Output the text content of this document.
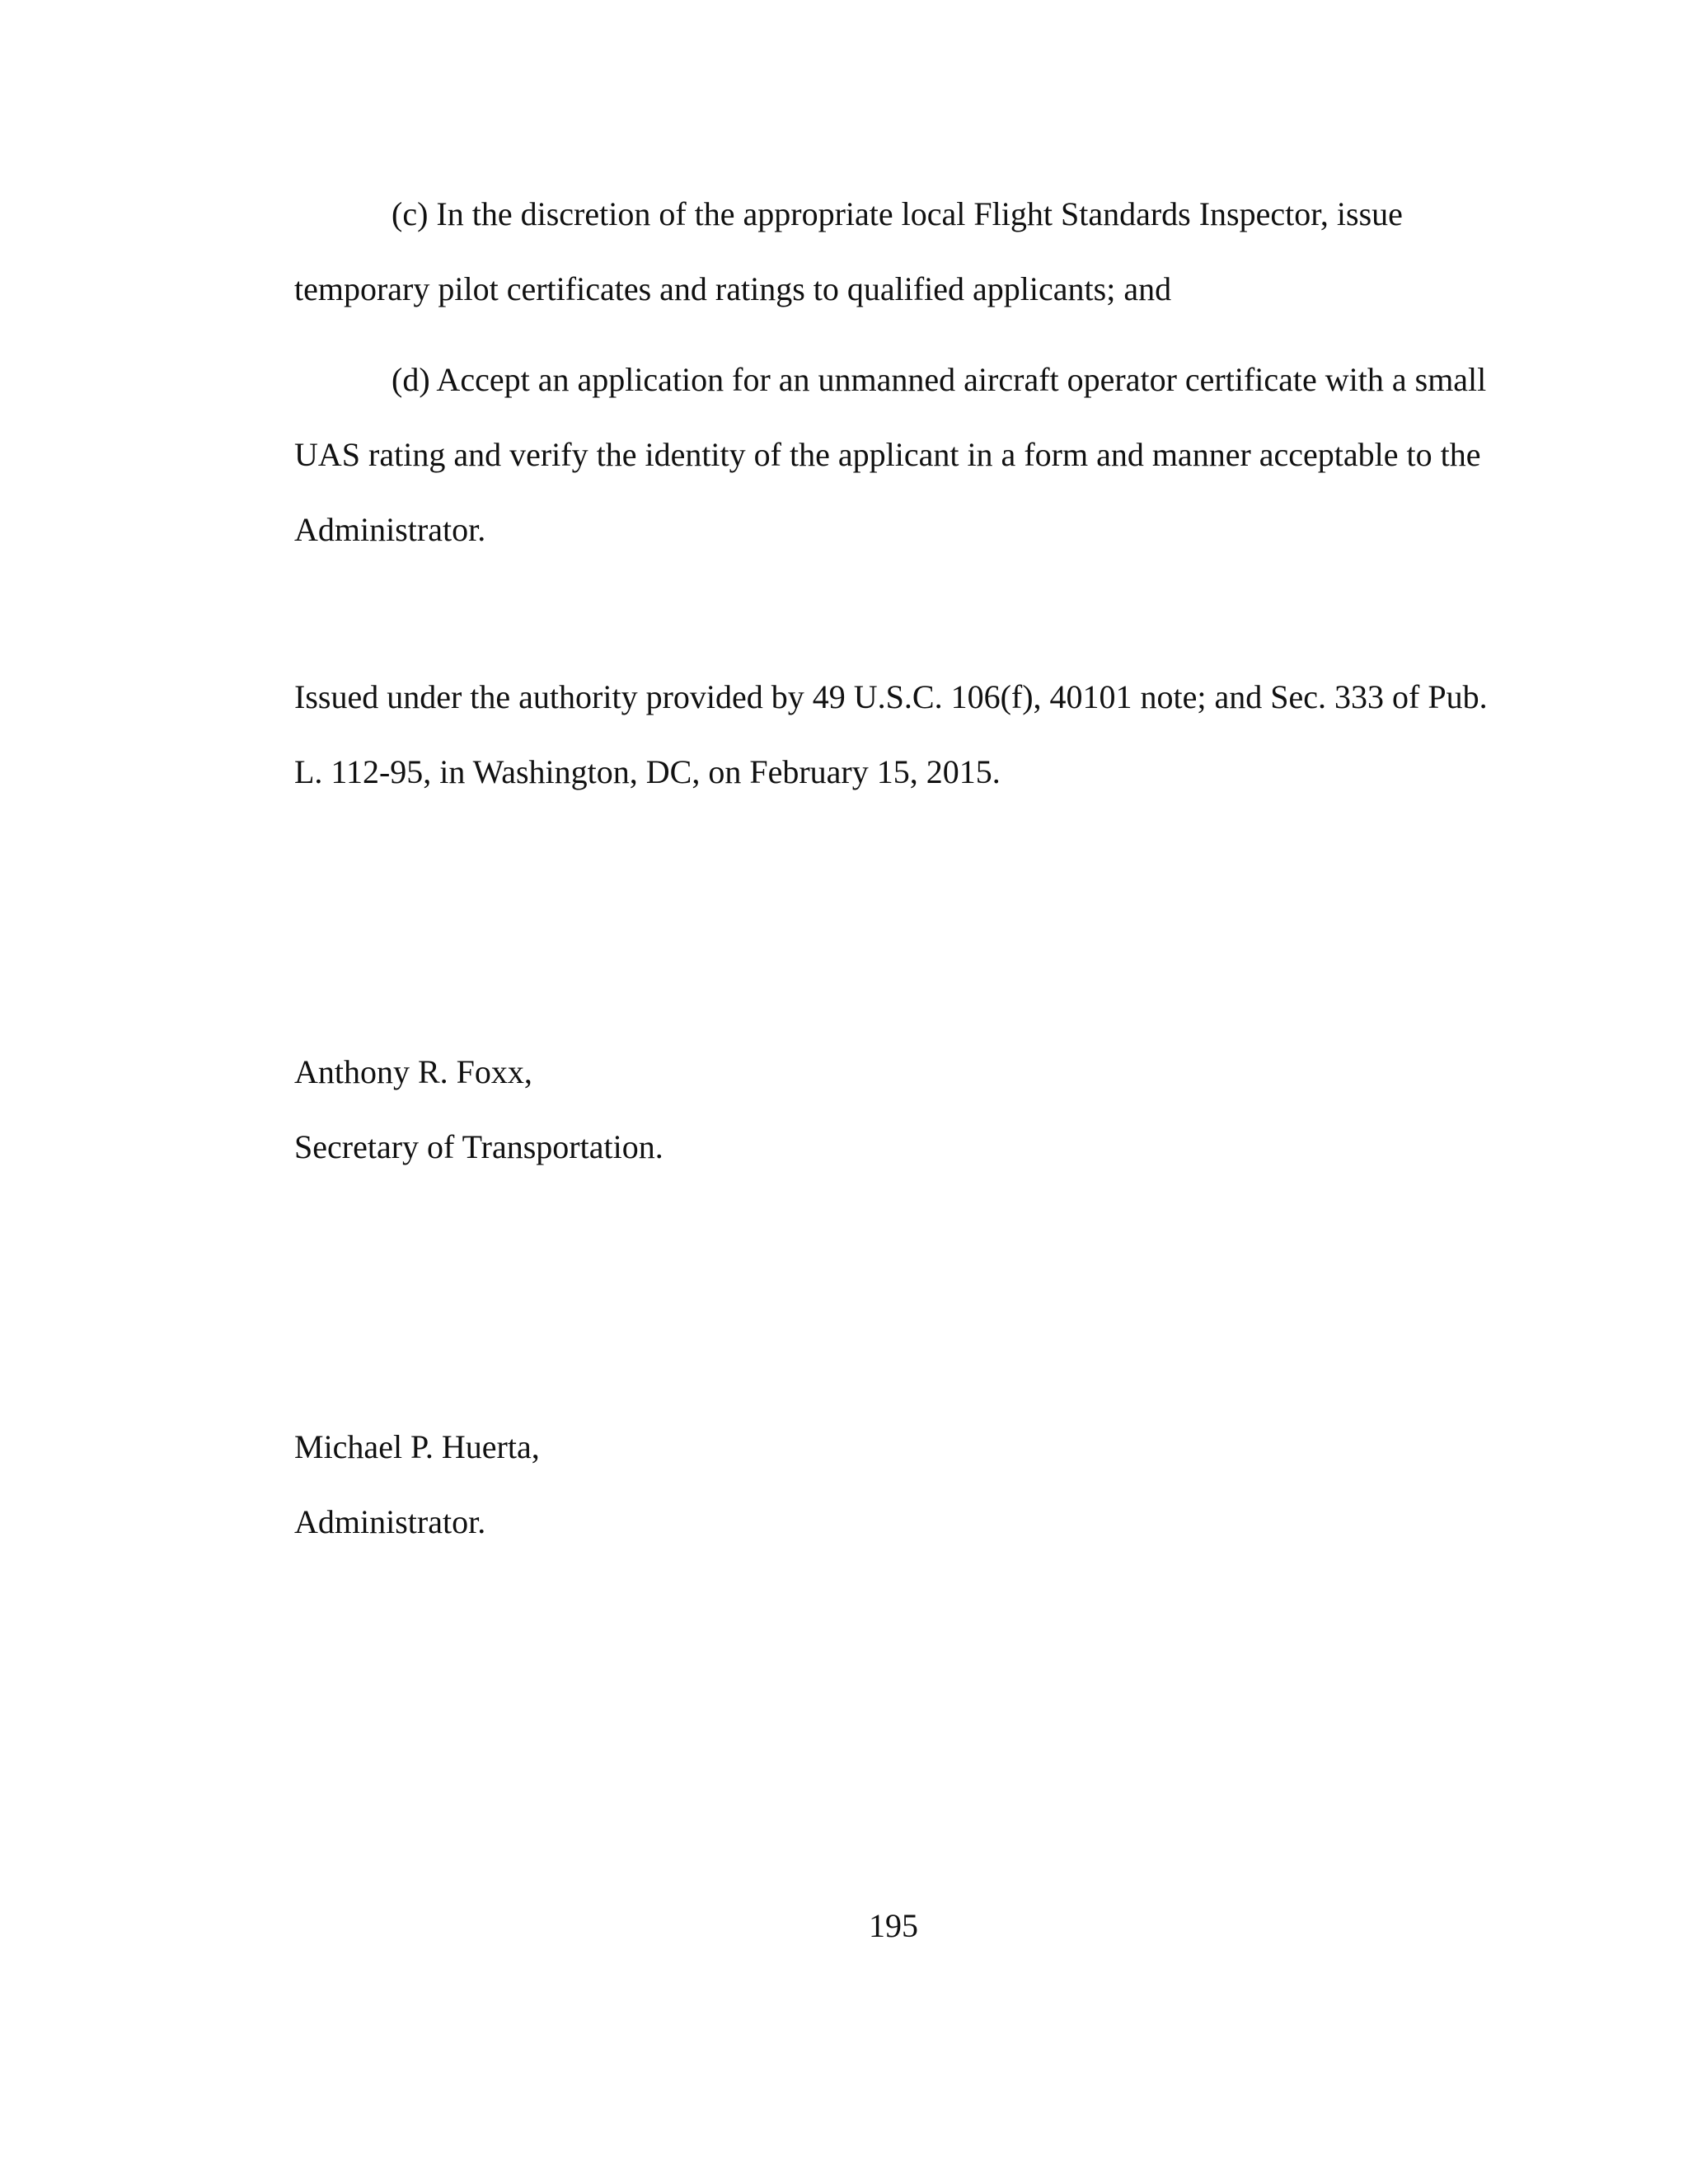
(c) In the discretion of the appropriate local Flight Standards Inspector, issue

temporary pilot certificates and ratings to qualified applicants; and

(d) Accept an application for an unmanned aircraft operator certificate with a small

UAS rating and verify the identity of the applicant in a form and manner acceptable to the

Administrator.

Issued under the authority provided by 49 U.S.C. 106(f), 40101 note; and Sec. 333 of Pub.

L. 112-95, in Washington, DC, on February 15, 2015.

Anthony R. Foxx,

Secretary of Transportation.

Michael P. Huerta,

Administrator.

195
